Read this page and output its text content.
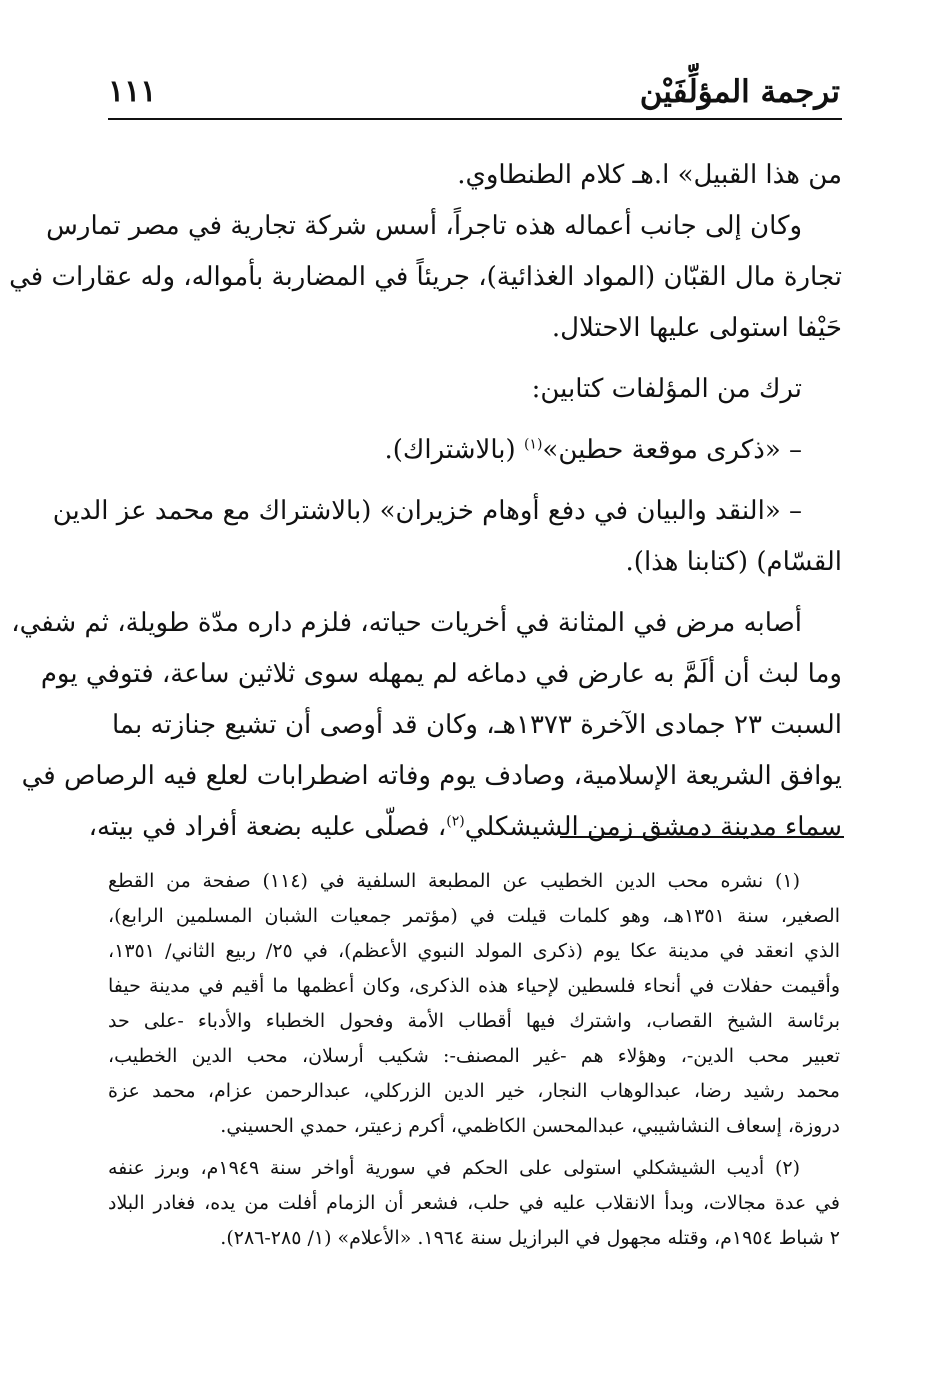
ترجمة المؤلِّفَيْن
١١١
من هذا القبيل» ا.هـ كلام الطنطاوي.
وكان إلى جانب أعماله هذه تاجراً، أسس شركة تجارية في مصر تمارس
تجارة مال القبّان (المواد الغذائية)، جريئاً في المضاربة بأمواله، وله عقارات في
حَيْفا استولى عليها الاحتلال.
ترك من المؤلفات كتابين:
– «ذكرى موقعة حطين»$^{(١)}$ (بالاشتراك).
– «النقد والبيان في دفع أوهام خزيران» (بالاشتراك مع محمد عز الدين
القسّام) (كتابنا هذا).
أصابه مرض في المثانة في أخريات حياته، فلزم داره مدّة طويلة، ثم شفي،
وما لبث أن ألَمَّ به عارض في دماغه لم يمهله سوى ثلاثين ساعة، فتوفي يوم
السبت ٢٣ جمادى الآخرة ١٣٧٣هـ، وكان قد أوصى أن تشيع جنازته بما
يوافق الشريعة الإسلامية، وصادف يوم وفاته اضطرابات لعلع فيه الرصاص في
سماء مدينة دمشق زمن الشيشكلي$^{(٢)}$، فصلّى عليه بضعة أفراد في بيته،
(١) نشره محب الدين الخطيب عن المطبعة السلفية في (١١٤) صفحة من القطع
الصغير، سنة ١٣٥١هـ، وهو كلمات قيلت في (مؤتمر جمعيات الشبان المسلمين الرابع)،
الذي انعقد في مدينة عكا يوم (ذكرى المولد النبوي الأعظم)، في ٢٥/ ربيع الثاني/ ١٣٥١،
وأقيمت حفلات في أنحاء فلسطين لإحياء هذه الذكرى، وكان أعظمها ما أقيم في مدينة حيفا
برئاسة الشيخ القصاب، واشترك فيها أقطاب الأمة وفحول الخطباء والأدباء -على حد
تعبير محب الدين-، وهؤلاء هم -غير المصنف-: شكيب أرسلان، محب الدين الخطيب،
محمد رشيد رضا، عبدالوهاب النجار، خير الدين الزركلي، عبدالرحمن عزام، محمد عزة
دروزة، إسعاف النشاشيبي، عبدالمحسن الكاظمي، أكرم زعيتر، حمدي الحسيني.
(٢) أديب الشيشكلي استولى على الحكم في سورية أواخر سنة ١٩٤٩م، وبرز عنفه
في عدة مجالات، وبدأ الانقلاب عليه في حلب، فشعر أن الزمام أفلت من يده، فغادر البلاد
٢ شباط ١٩٥٤م، وقتله مجهول في البرازيل سنة ١٩٦٤. «الأعلام» (١/ ٢٨٥-٢٨٦).
